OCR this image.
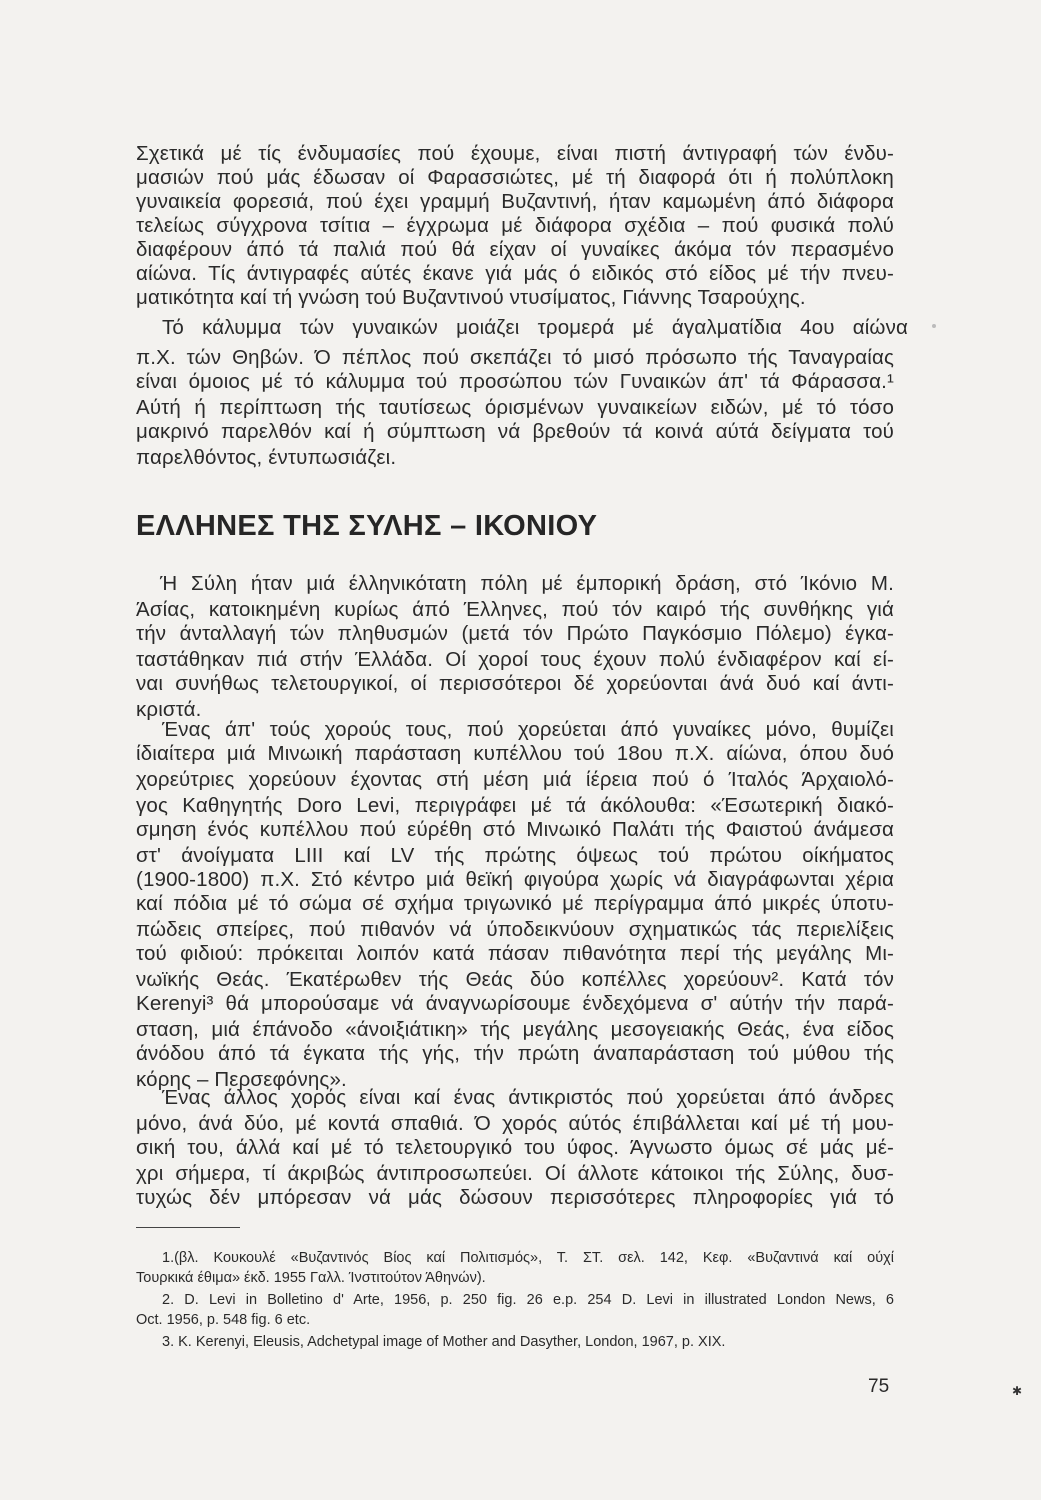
Σχετικά μέ τίς ένδυμασίες πού έχουμε, είναι πιστή άντιγραφή τών ένδυ-
μασιών πού μάς έδωσαν οί Φαρασσιώτες, μέ τή διαφορά ότι ή πολύπλοκη
γυναικεία φορεσιά, πού έχει γραμμή Βυζαντινή, ήταν καμωμένη άπό διάφορα
τελείως σύγχρονα τσίτια – έγχρωμα μέ διάφορα σχέδια – πού φυσικά πολύ
διαφέρουν άπό τά παλιά πού θά είχαν οί γυναίκες άκόμα τόν περασμένο
αίώνα. Τίς άντιγραφές αύτές έκανε γιά μάς ό ειδικός στό είδος μέ τήν πνευ-
ματικότητα καί τή γνώση τού Βυζαντινού ντυσίματος, Γιάννης Τσαρούχης.
Τό κάλυμμα τών γυναικών μοιάζει τρομερά μέ άγαλματίδια 4ου αίώνα
π.Χ. τών Θηβών. Ό πέπλος πού σκεπάζει τό μισό πρόσωπο τής Ταναγραίας
είναι όμοιος μέ τό κάλυμμα τού προσώπου τών Γυναικών άπ' τά Φάρασσα.¹
Αύτή ή περίπτωση τής ταυτίσεως όρισμένων γυναικείων ειδών, μέ τό τόσο
μακρινό παρελθόν καί ή σύμπτωση νά βρεθούν τά κοινά αύτά δείγματα τού
παρελθόντος, έντυπωσιάζει.
ΕΛΛΗΝΕΣ ΤΗΣ ΣΥΛΗΣ – ΙΚΟΝΙΟΥ
Ή Σύλη ήταν μιά έλληνικότατη πόλη μέ έμπορική δράση, στό Ίκόνιο Μ.
Άσίας, κατοικημένη κυρίως άπό Έλληνες, πού τόν καιρό τής συνθήκης γιά
τήν άνταλλαγή τών πληθυσμών (μετά τόν Πρώτο Παγκόσμιο Πόλεμο) έγκα-
ταστάθηκαν πιά στήν Έλλάδα. Οί χοροί τους έχουν πολύ ένδιαφέρον καί εί-
ναι συνήθως τελετουργικοί, οί περισσότεροι δέ χορεύονται άνά δυό καί άντι-
κριστά.
Ένας άπ' τούς χορούς τους, πού χορεύεται άπό γυναίκες μόνο, θυμίζει
ίδιαίτερα μιά Μινωική παράσταση κυπέλλου τού 18ου π.Χ. αίώνα, όπου δυό
χορεύτριες χορεύουν έχοντας στή μέση μιά ίέρεια πού ό Ίταλός Άρχαιολό-
γος Καθηγητής Doro Levi, περιγράφει μέ τά άκόλουθα: «Έσωτερική διακό-
σμηση ένός κυπέλλου πού εύρέθη στό Μινωικό Παλάτι τής Φαιστού άνάμεσα
στ' άνοίγματα LIII καί LV τής πρώτης όψεως τού πρώτου οίκήματος
(1900-1800) π.Χ. Στό κέντρο μιά θεϊκή φιγούρα χωρίς νά διαγράφωνται χέρια
καί πόδια μέ τό σώμα σέ σχήμα τριγωνικό μέ περίγραμμα άπό μικρές ύποτυ-
πώδεις σπείρες, πού πιθανόν νά ύποδεικνύουν σχηματικώς τάς περιελίξεις
τού φιδιού: πρόκειται λοιπόν κατά πάσαν πιθανότητα περί τής μεγάλης Μι-
νωϊκής Θεάς. Έκατέρωθεν τής Θεάς δύο κοπέλλες χορεύουν². Κατά τόν
Kerenyi³ θά μπορούσαμε νά άναγνωρίσουμε ένδεχόμενα σ' αύτήν τήν παρά-
σταση, μιά έπάνοδο «άνοιξιάτικη» τής μεγάλης μεσογειακής Θεάς, ένα είδος
άνόδου άπό τά έγκατα τής γής, τήν πρώτη άναπαράσταση τού μύθου τής
κόρης – Περσεφόνης».
Ένας άλλος χορός είναι καί ένας άντικριστός πού χορεύεται άπό άνδρες
μόνο, άνά δύο, μέ κοντά σπαθιά. Ό χορός αύτός έπιβάλλεται καί μέ τή μου-
σική του, άλλά καί μέ τό τελετουργικό του ύφος. Άγνωστο όμως σέ μάς μέ-
χρι σήμερα, τί άκριβώς άντιπροσωπεύει. Οί άλλοτε κάτοικοι τής Σύλης, δυσ-
τυχώς δέν μπόρεσαν νά μάς δώσουν περισσότερες πληροφορίες γιά τό
1.(βλ. Κουκουλέ «Βυζαντινός Βίος καί Πολιτισμός», Τ. ΣΤ. σελ. 142, Κεφ. «Βυζαντινά καί ούχί
Τουρκικά έθιμα» έκδ. 1955 Γαλλ. Ίνστιτούτον Άθηνών).
2. D. Levi in Bolletino d' Arte, 1956, p. 250 fig. 26 e.p. 254 D. Levi in illustrated London News, 6
Oct. 1956, p. 548 fig. 6 etc.
3. K. Kerenyi, Eleusis, Adchetypal image of Mother and Dasyther, London, 1967, p. XIX.
75	✱
